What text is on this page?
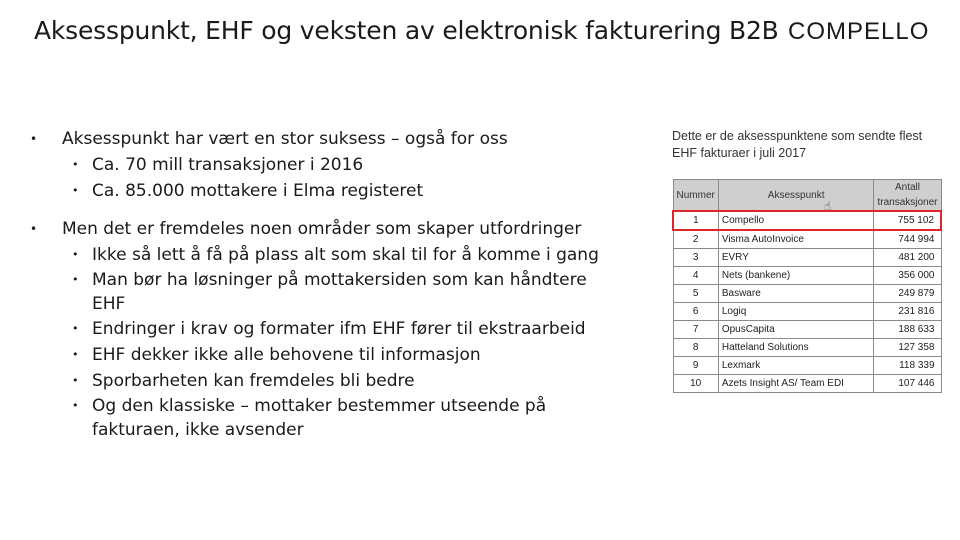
Aksesspunkt, EHF og veksten av elektronisk fakturering B2B COMPELLO
• Aksesspunkt har vært en stor suksess – også for oss
• Ca. 70 mill transaksjoner i 2016
• Ca. 85.000 mottakere i Elma registeret
• Men det er fremdeles noen områder som skaper utfordringer
• Ikke så lett å få på plass alt som skal til for å komme i gang
• Man bør ha løsninger på mottakersiden som kan håndtere EHF
• Endringer i krav og formater ifm EHF fører til ekstraarbeid
• EHF dekker ikke alle behovene til informasjon
• Sporbarheten kan fremdeles bli bedre
• Og den klassiske – mottaker bestemmer utseende på fakturaen, ikke avsender
Dette er de aksesspunktene som sendte flest
EHF fakturaer i juli 2017
Nummer	Aksesspunkt	Antall
transaksjoner
1	Compello	755 102
2	Visma AutoInvoice	744 994
3	EVRY	481 200
4	Nets (bankene)	356 000
5	Basware	249 879
6	Logiq	231 816
7	OpusCapita	188 633
8	Hatteland Solutions	127 358
9	Lexmark	118 339
10	Azets Insight AS/ Team EDI	107 446
☝
